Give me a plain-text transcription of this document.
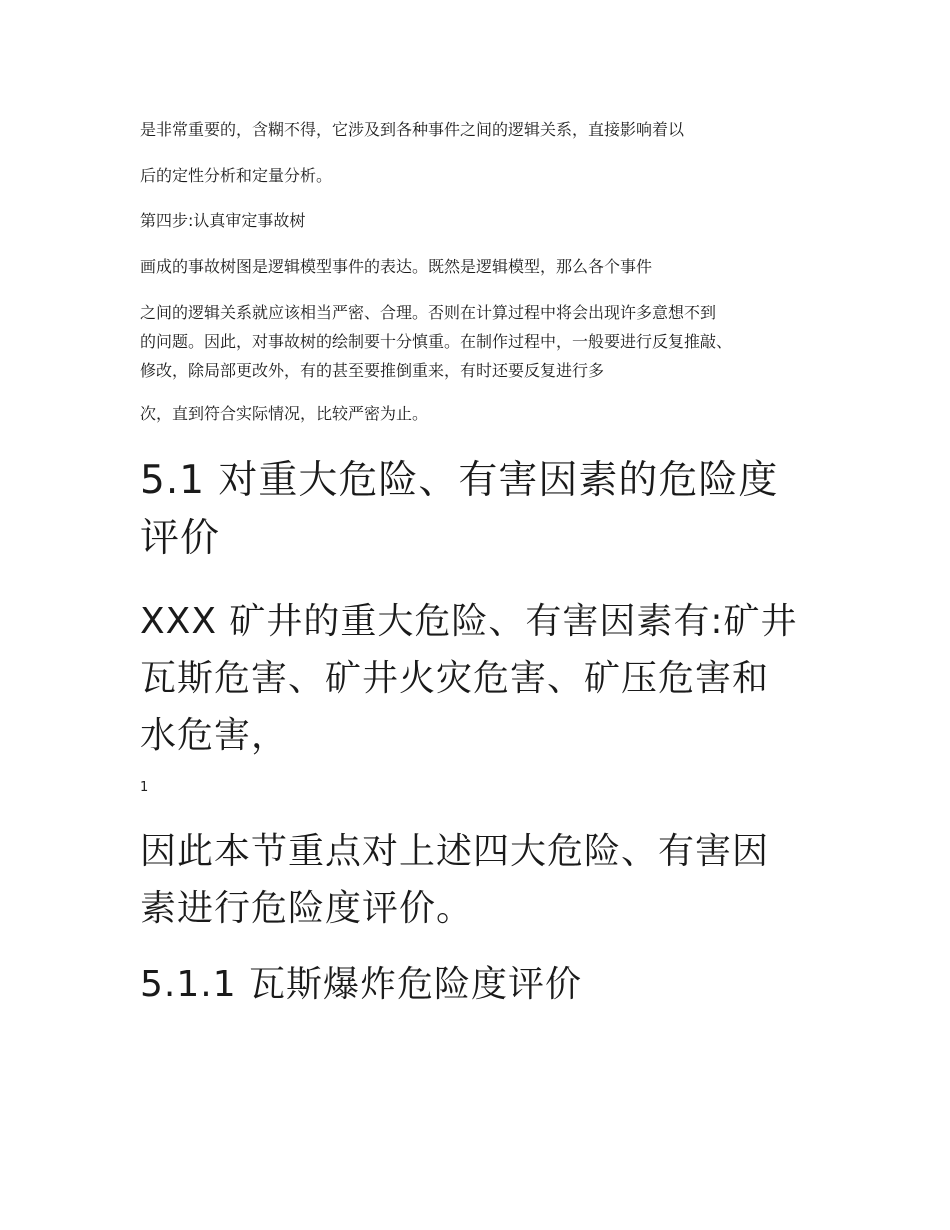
是非常重要的，含糊不得，它涉及到各种事件之间的逻辑关系，直接影响着以

后的定性分析和定量分析。

第四步:认真审定事故树

画成的事故树图是逻辑模型事件的表达。既然是逻辑模型，那么各个事件

之间的逻辑关系就应该相当严密、合理。否则在计算过程中将会出现许多意想不到
的问题。因此，对事故树的绘制要十分慎重。在制作过程中，一般要进行反复推敲、
修改，除局部更改外，有的甚至要推倒重来，有时还要反复进行多

次，直到符合实际情况，比较严密为止。

5.1 对重大危险、有害因素的危险度
评价
XXX 矿井的重大危险、有害因素有:矿井
瓦斯危害、矿井火灾危害、矿压危害和
水危害，
1
因此本节重点对上述四大危险、有害因
素进行危险度评价。
5.1.1 瓦斯爆炸危险度评价
